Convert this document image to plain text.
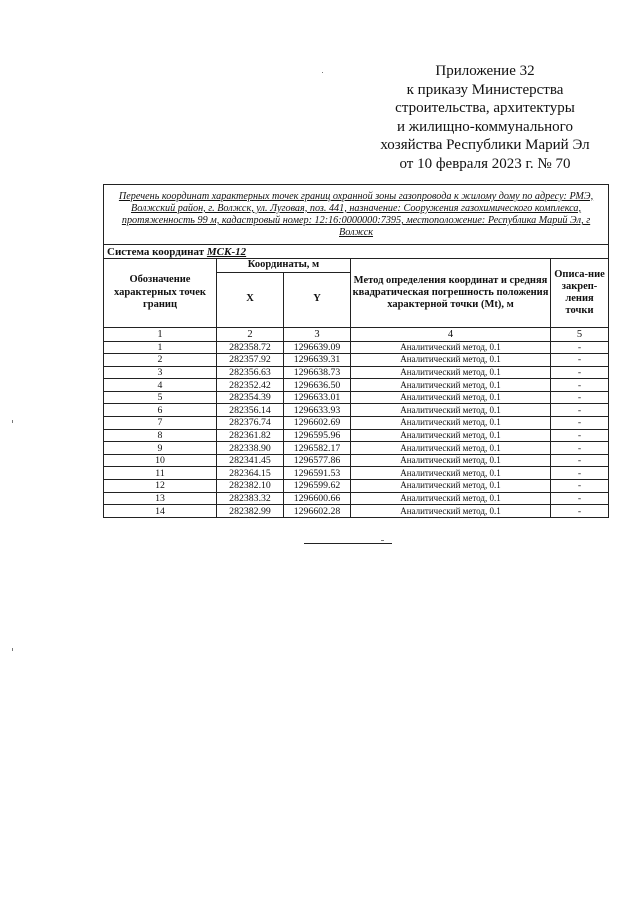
Приложение 32
к приказу Министерства
строительства, архитектуры
и жилищно-коммунального
хозяйства Республики Марий Эл
от 10 февраля 2023 г. № 70
Перечень координат характерных точек границ охранной зоны газопровода к жилому дому по адресу: РМЭ, Волжский район, г. Волжск, ул. Луговая, поз. 441, назначение: Сооружения газохимического комплекса, протяженность 99 м, кадастровый номер: 12:16:0000000:7395, местоположение: Республика Марий Эл, г Волжск				
Система координат МСК-12				
Обозначение характерных точек границ	Координаты, м		Метод определения координат и средняя квадратическая погрешность положения характерной точки (Mt), м	Описа-ние закреп-ления точки
	X	Y		
1	2	3	4	5
1	282358.72	1296639.09	Аналитический метод, 0.1	-
2	282357.92	1296639.31	Аналитический метод, 0.1	-
3	282356.63	1296638.73	Аналитический метод, 0.1	-
4	282352.42	1296636.50	Аналитический метод, 0.1	-
5	282354.39	1296633.01	Аналитический метод, 0.1	-
6	282356.14	1296633.93	Аналитический метод, 0.1	-
7	282376.74	1296602.69	Аналитический метод, 0.1	-
8	282361.82	1296595.96	Аналитический метод, 0.1	-
9	282338.90	1296582.17	Аналитический метод, 0.1	-
10	282341.45	1296577.86	Аналитический метод, 0.1	-
11	282364.15	1296591.53	Аналитический метод, 0.1	-
12	282382.10	1296599.62	Аналитический метод, 0.1	-
13	282383.32	1296600.66	Аналитический метод, 0.1	-
14	282382.99	1296602.28	Аналитический метод, 0.1	-
